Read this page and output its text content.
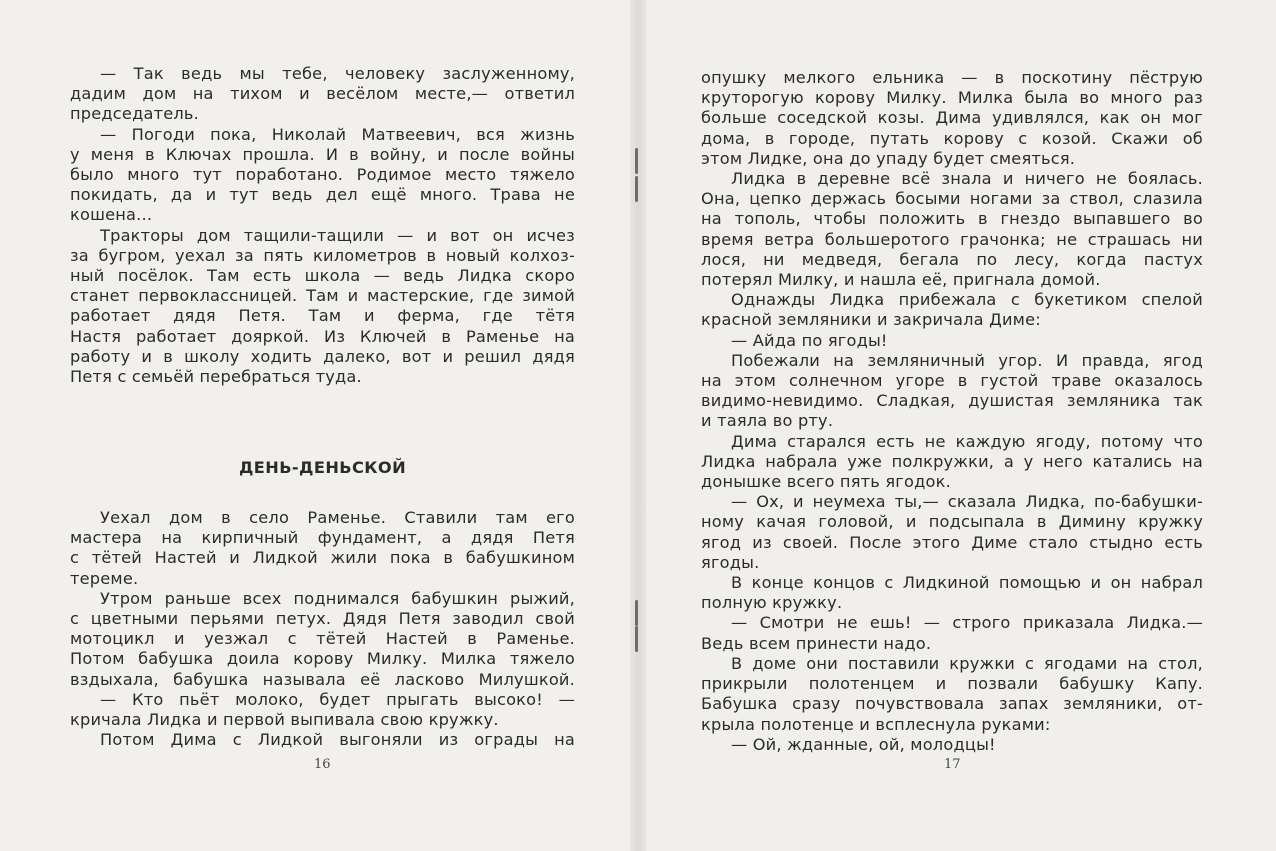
— Так ведь мы тебе, человеку заслуженному,
дадим дом на тихом и весёлом месте,— ответил
председатель.
— Погоди пока, Николай Матвеевич, вся жизнь
у меня в Ключах прошла. И в войну, и после войны
было много тут поработано. Родимое место тяжело
покидать, да и тут ведь дел ещё много. Трава не
кошена...
Тракторы дом тащили-тащили — и вот он исчез
за бугром, уехал за пять километров в новый колхоз-
ный посёлок. Там есть школа — ведь Лидка скоро
станет первоклассницей. Там и мастерские, где зимой
работает дядя Петя. Там и ферма, где тётя
Настя работает дояркой. Из Ключей в Раменье на
работу и в школу ходить далеко, вот и решил дядя
Петя с семьёй перебраться туда.
ДЕНЬ-ДЕНЬСКОЙ
Уехал дом в село Раменье. Ставили там его
мастера на кирпичный фундамент, а дядя Петя
с тётей Настей и Лидкой жили пока в бабушкином
тереме.
Утром раньше всех поднимался бабушкин рыжий,
с цветными перьями петух. Дядя Петя заводил свой
мотоцикл и уезжал с тётей Настей в Раменье.
Потом бабушка доила корову Милку. Милка тяжело
вздыхала, бабушка называла её ласково Милушкой.
— Кто пьёт молоко, будет прыгать высоко! —
кричала Лидка и первой выпивала свою кружку.
Потом Дима с Лидкой выгоняли из ограды на
16	17
опушку мелкого ельника — в поскотину пёструю
круторогую корову Милку. Милка была во много раз
больше соседской козы. Дима удивлялся, как он мог
дома, в городе, путать корову с козой. Скажи об
этом Лидке, она до упаду будет смеяться.
Лидка в деревне всё знала и ничего не боялась.
Она, цепко держась босыми ногами за ствол, слазила
на тополь, чтобы положить в гнездо выпавшего во
время ветра большеротого грачонка; не страшась ни
лося, ни медведя, бегала по лесу, когда пастух
потерял Милку, и нашла её, пригнала домой.
Однажды Лидка прибежала с букетиком спелой
красной земляники и закричала Диме:
— Айда по ягоды!
Побежали на земляничный угор. И правда, ягод
на этом солнечном угоре в густой траве оказалось
видимо-невидимо. Сладкая, душистая земляника так
и таяла во рту.
Дима старался есть не каждую ягоду, потому что
Лидка набрала уже полкружки, а у него катались на
донышке всего пять ягодок.
— Ох, и неумеха ты,— сказала Лидка, по-бабушки-
ному качая головой, и подсыпала в Димину кружку
ягод из своей. После этого Диме стало стыдно есть
ягоды.
В конце концов с Лидкиной помощью и он набрал
полную кружку.
— Смотри не ешь! — строго приказала Лидка.—
Ведь всем принести надо.
В доме они поставили кружки с ягодами на стол,
прикрыли полотенцем и позвали бабушку Капу.
Бабушка сразу почувствовала запах земляники, от-
крыла полотенце и всплеснула руками:
— Ой, жданные, ой, молодцы!
